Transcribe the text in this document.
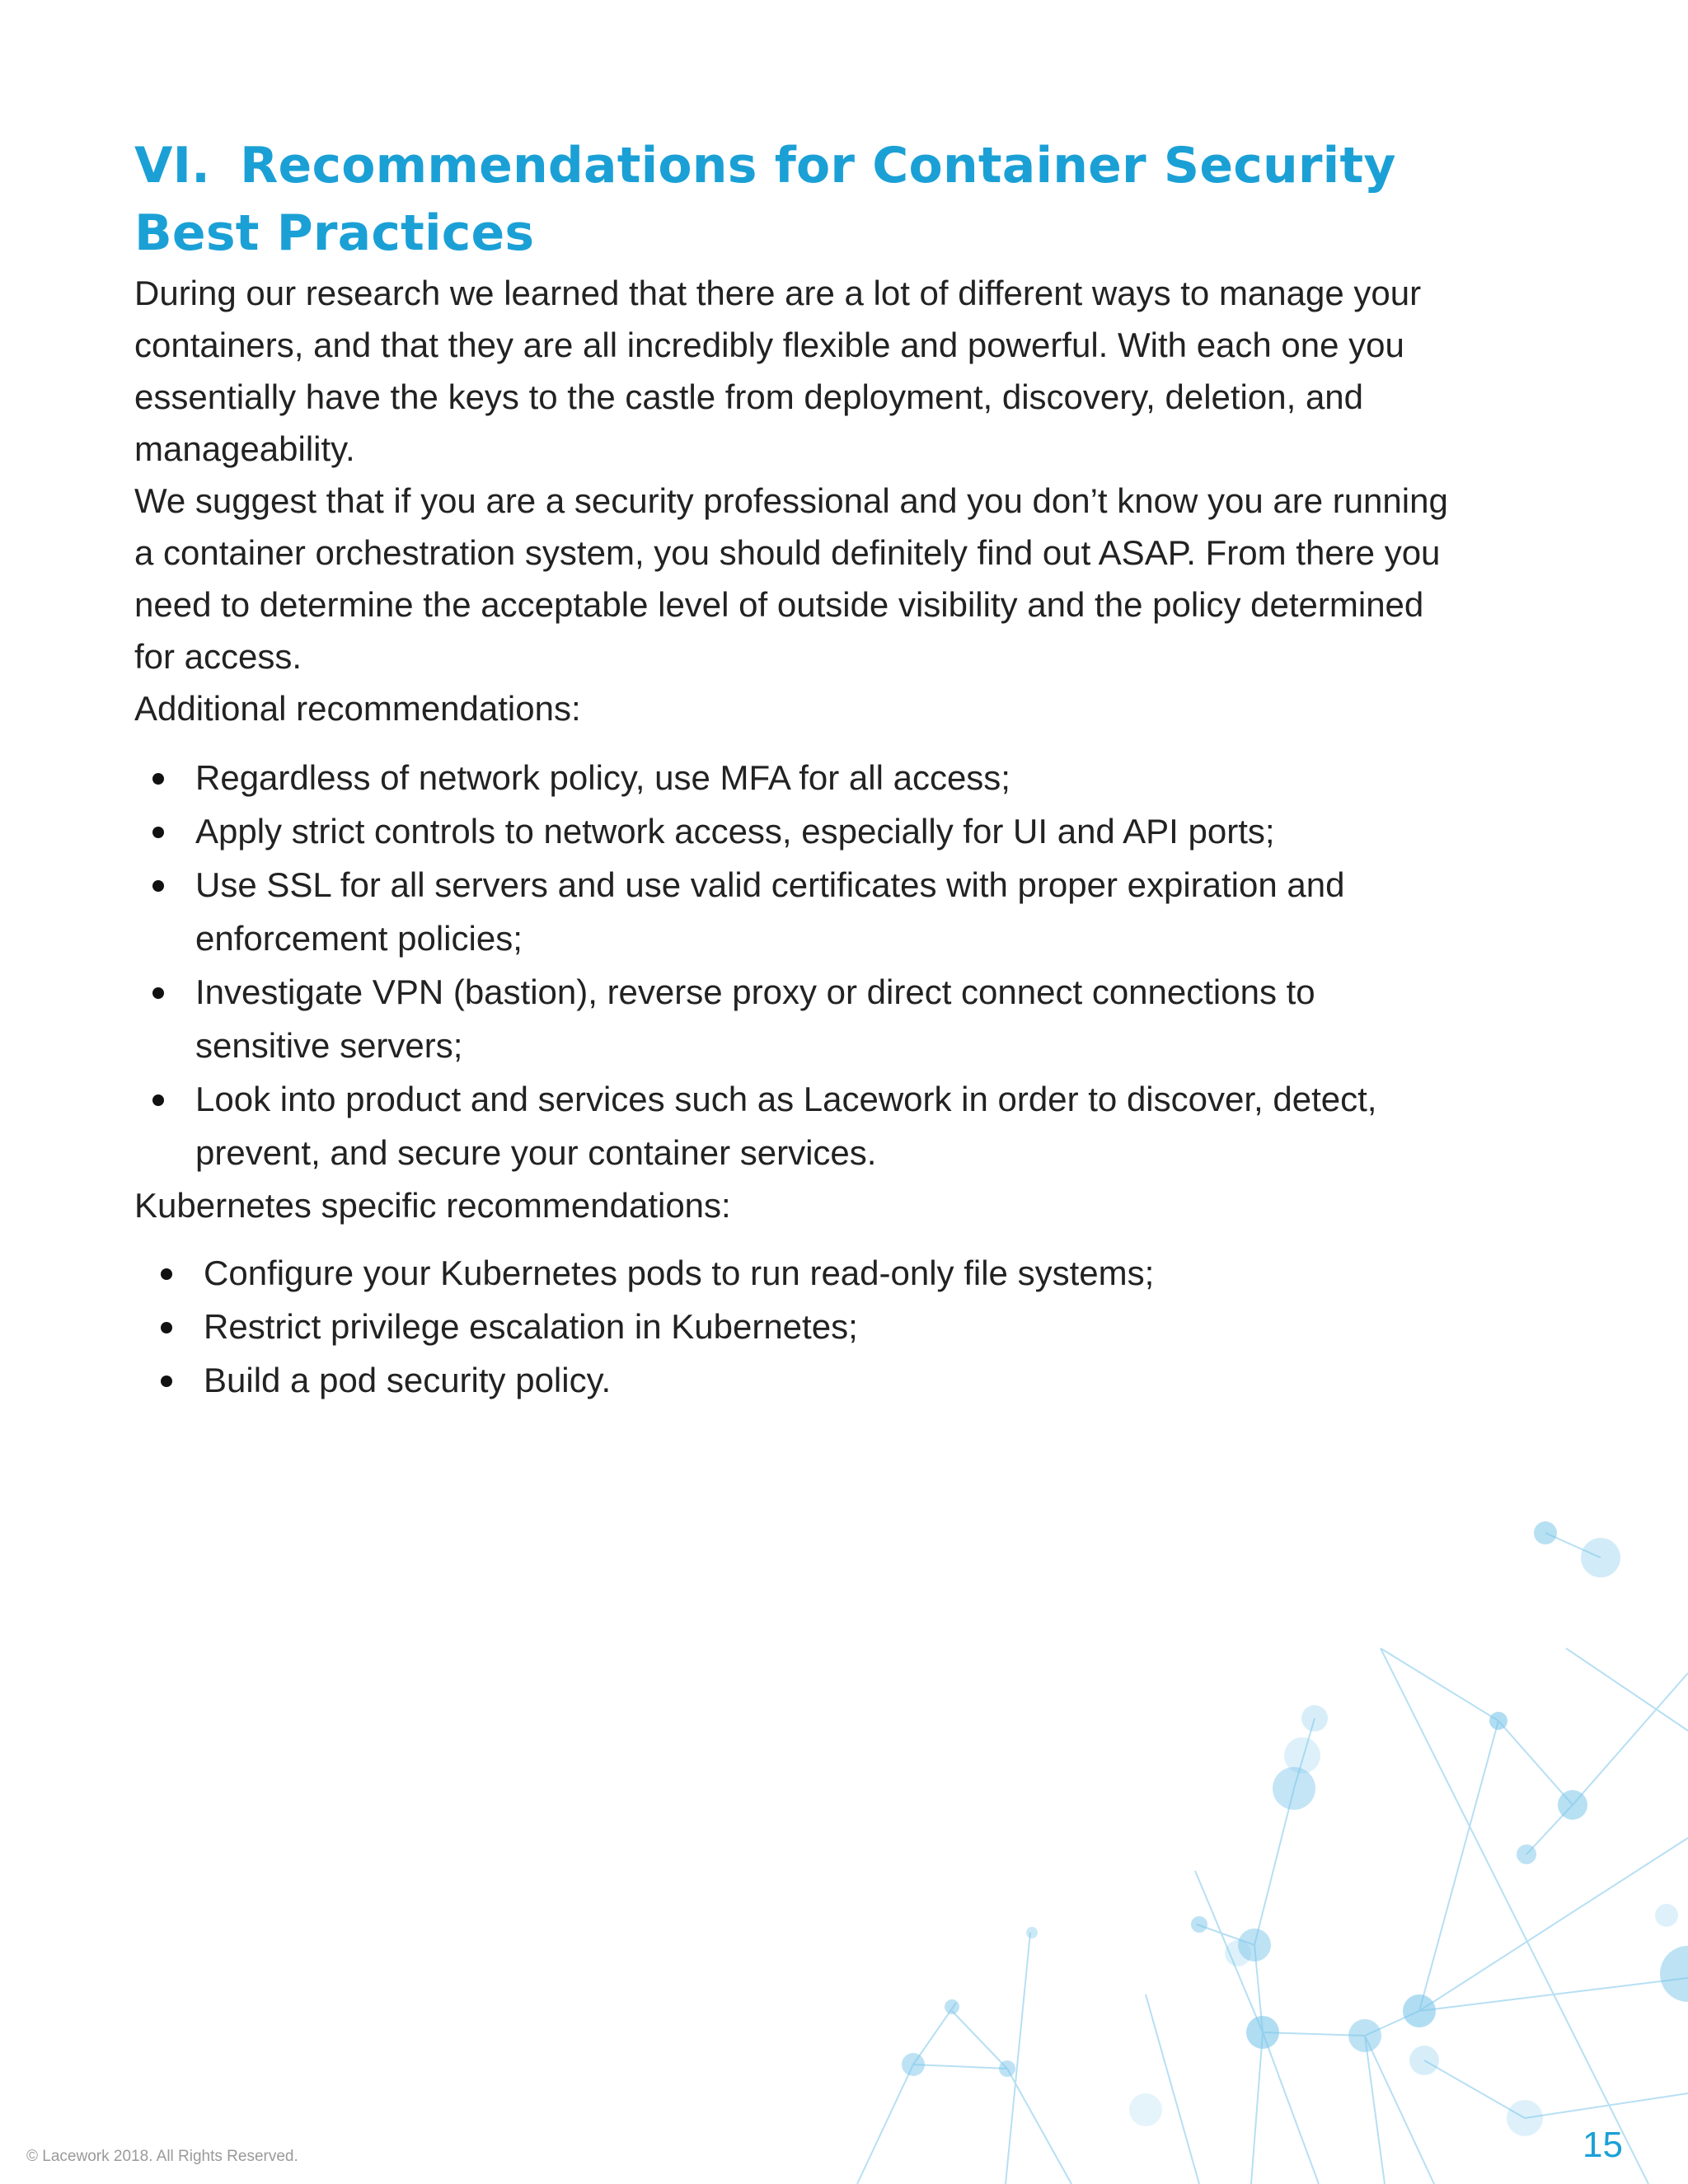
VI. Recommendations for Container Security Best Practices

During our research we learned that there are a lot of different ways to manage your containers, and that they are all incredibly flexible and powerful. With each one you essentially have the keys to the castle from deployment, discovery, deletion, and manageability.

We suggest that if you are a security professional and you don’t know you are running a container orchestration system, you should definitely find out ASAP. From there you need to determine the acceptable level of outside visibility and the policy determined for access.

Additional recommendations:

Regardless of network policy, use MFA for all access;
Apply strict controls to network access, especially for UI and API ports;
Use SSL for all servers and use valid certificates with proper expiration and enforcement policies;
Investigate VPN (bastion), reverse proxy or direct connect connections to sensitive servers;
Look into product and services such as Lacework in order to discover, detect, prevent, and secure your container services.

Kubernetes specific recommendations:

Configure your Kubernetes pods to run read-only file systems;
Restrict privilege escalation in Kubernetes;
Build a pod security policy.
© Lacework 2018. All Rights Reserved.	15
